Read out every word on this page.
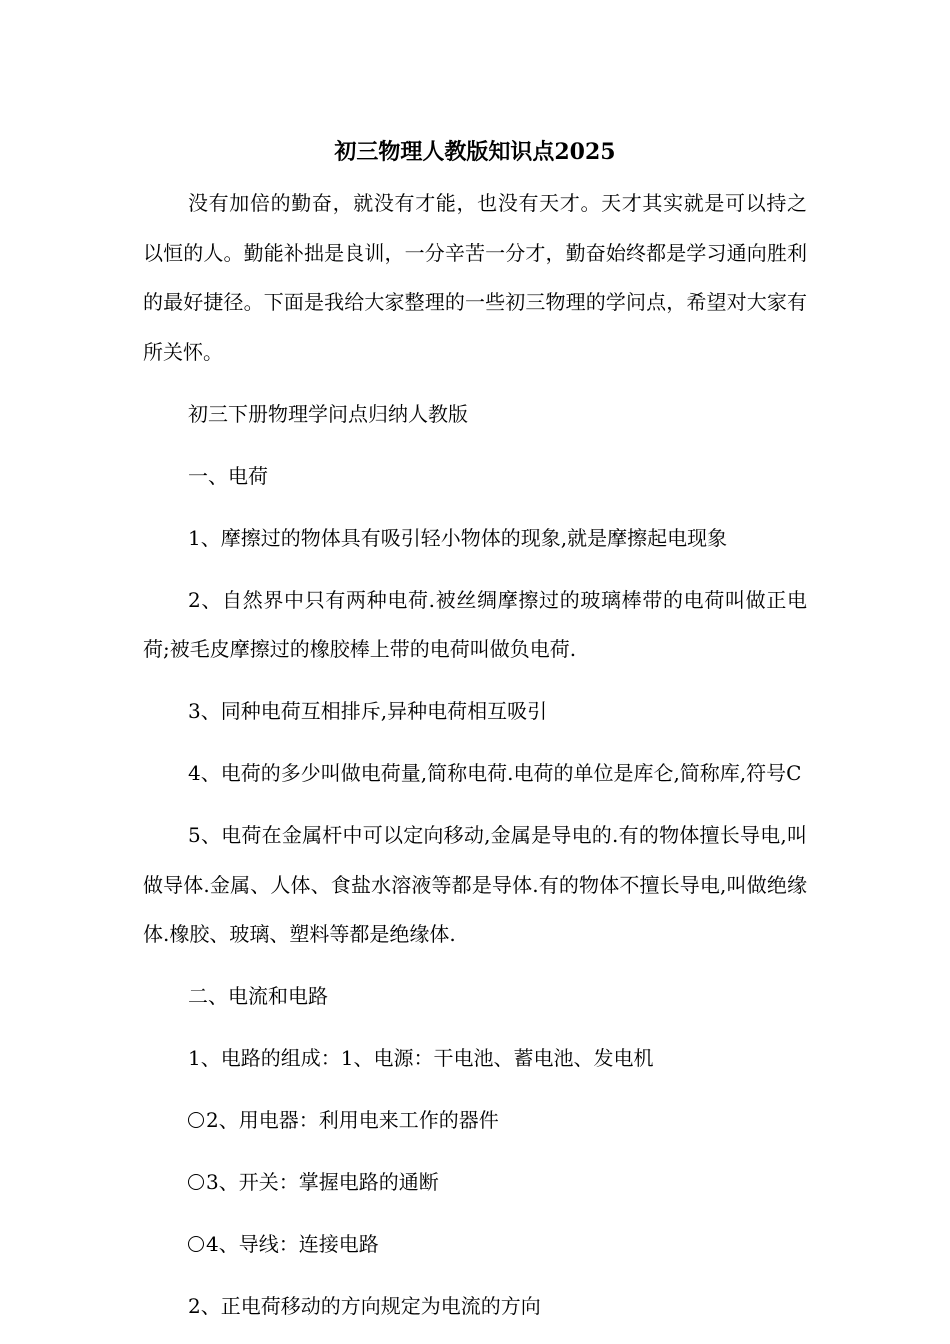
初三物理人教版知识点2025

没有加倍的勤奋，就没有才能，也没有天才。天才其实就是可以持之以恒的人。勤能补拙是良训，一分辛苦一分才，勤奋始终都是学习通向胜利的最好捷径。下面是我给大家整理的一些初三物理的学问点，希望对大家有所关怀。

初三下册物理学问点归纳人教版

一、电荷

1、摩擦过的物体具有吸引轻小物体的现象,就是摩擦起电现象

2、自然界中只有两种电荷.被丝绸摩擦过的玻璃棒带的电荷叫做正电荷;被毛皮摩擦过的橡胶棒上带的电荷叫做负电荷.

3、同种电荷互相排斥,异种电荷相互吸引

4、电荷的多少叫做电荷量,简称电荷.电荷的单位是库仑,简称库,符号C

5、电荷在金属杆中可以定向移动,金属是导电的.有的物体擅长导电,叫做导体.金属、人体、食盐水溶液等都是导体.有的物体不擅长导电,叫做绝缘体.橡胶、玻璃、塑料等都是绝缘体.

二、电流和电路

1、电路的组成：1、电源：干电池、蓄电池、发电机

2、用电器：利用电来工作的器件

3、开关：掌握电路的通断

4、导线：连接电路

2、正电荷移动的方向规定为电流的方向
